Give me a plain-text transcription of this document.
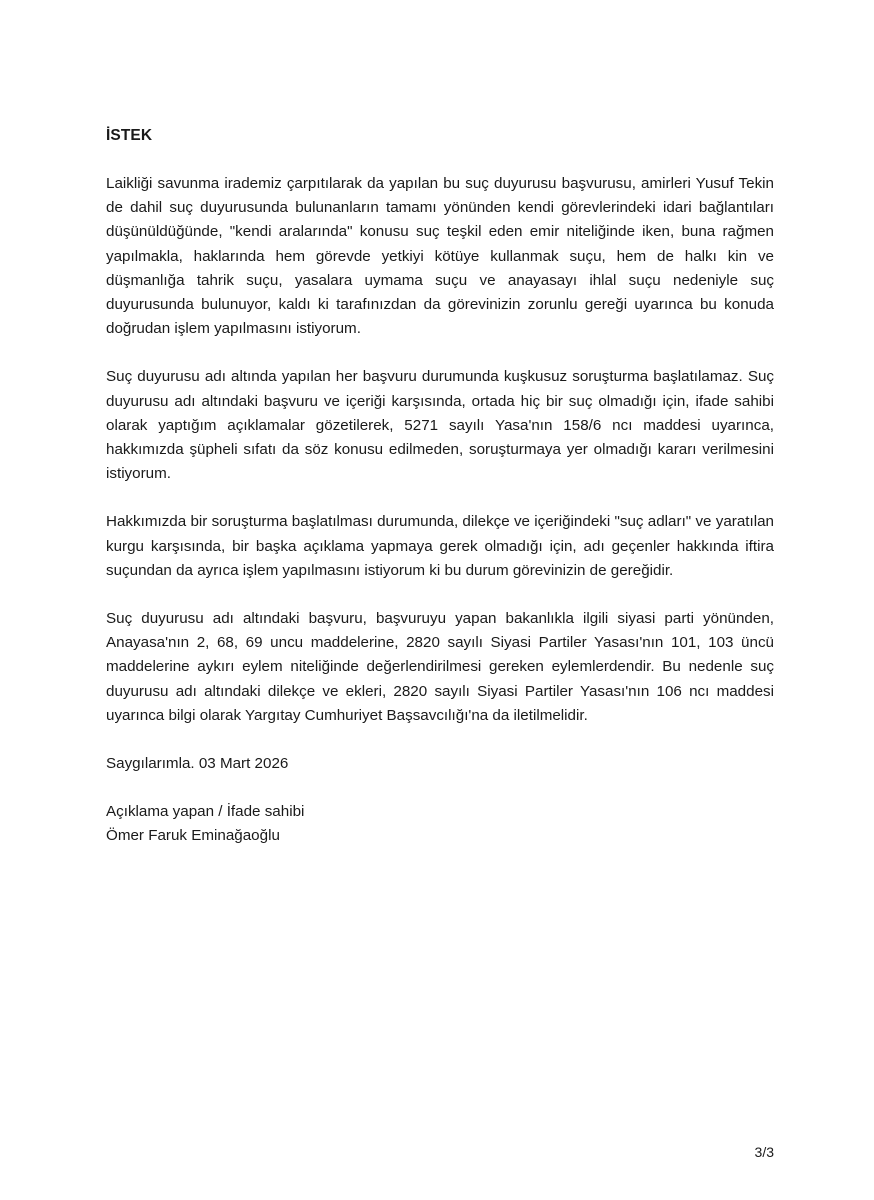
İSTEK

Laikliği savunma irademiz çarpıtılarak da yapılan bu suç duyurusu başvurusu, amirleri Yusuf Tekin de dahil suç duyurusunda bulunanların tamamı yönünden kendi görevlerindeki idari bağlantıları düşünüldüğünde, "kendi aralarında" konusu suç teşkil eden emir niteliğinde iken, buna rağmen yapılmakla, haklarında hem görevde yetkiyi kötüye kullanmak suçu, hem de halkı kin ve düşmanlığa tahrik suçu, yasalara uymama suçu ve anayasayı ihlal suçu nedeniyle suç duyurusunda bulunuyor, kaldı ki tarafınızdan da görevinizin zorunlu gereği uyarınca bu konuda doğrudan işlem yapılmasını istiyorum.

Suç duyurusu adı altında yapılan her başvuru durumunda kuşkusuz soruşturma başlatılamaz. Suç duyurusu adı altındaki başvuru ve içeriği karşısında, ortada hiç bir suç olmadığı için, ifade sahibi olarak yaptığım açıklamalar gözetilerek, 5271 sayılı Yasa'nın 158/6 ncı maddesi uyarınca, hakkımızda şüpheli sıfatı da söz konusu edilmeden, soruşturmaya yer olmadığı kararı verilmesini istiyorum.

Hakkımızda bir soruşturma başlatılması durumunda, dilekçe ve içeriğindeki "suç adları" ve yaratılan kurgu karşısında, bir başka açıklama yapmaya gerek olmadığı için, adı geçenler hakkında iftira suçundan da ayrıca işlem yapılmasını istiyorum ki bu durum görevinizin de gereğidir.

Suç duyurusu adı altındaki başvuru, başvuruyu yapan bakanlıkla ilgili siyasi parti yönünden, Anayasa'nın 2, 68, 69 uncu maddelerine, 2820 sayılı Siyasi Partiler Yasası'nın 101, 103 üncü maddelerine aykırı eylem niteliğinde değerlendirilmesi gereken eylemlerdendir. Bu nedenle suç duyurusu adı altındaki dilekçe ve ekleri, 2820 sayılı Siyasi Partiler Yasası'nın 106 ncı maddesi uyarınca bilgi olarak Yargıtay Cumhuriyet Başsavcılığı'na da iletilmelidir.

Saygılarımla. 03 Mart 2026
Açıklama yapan / İfade sahibi
Ömer Faruk Eminağaoğlu
3/3
